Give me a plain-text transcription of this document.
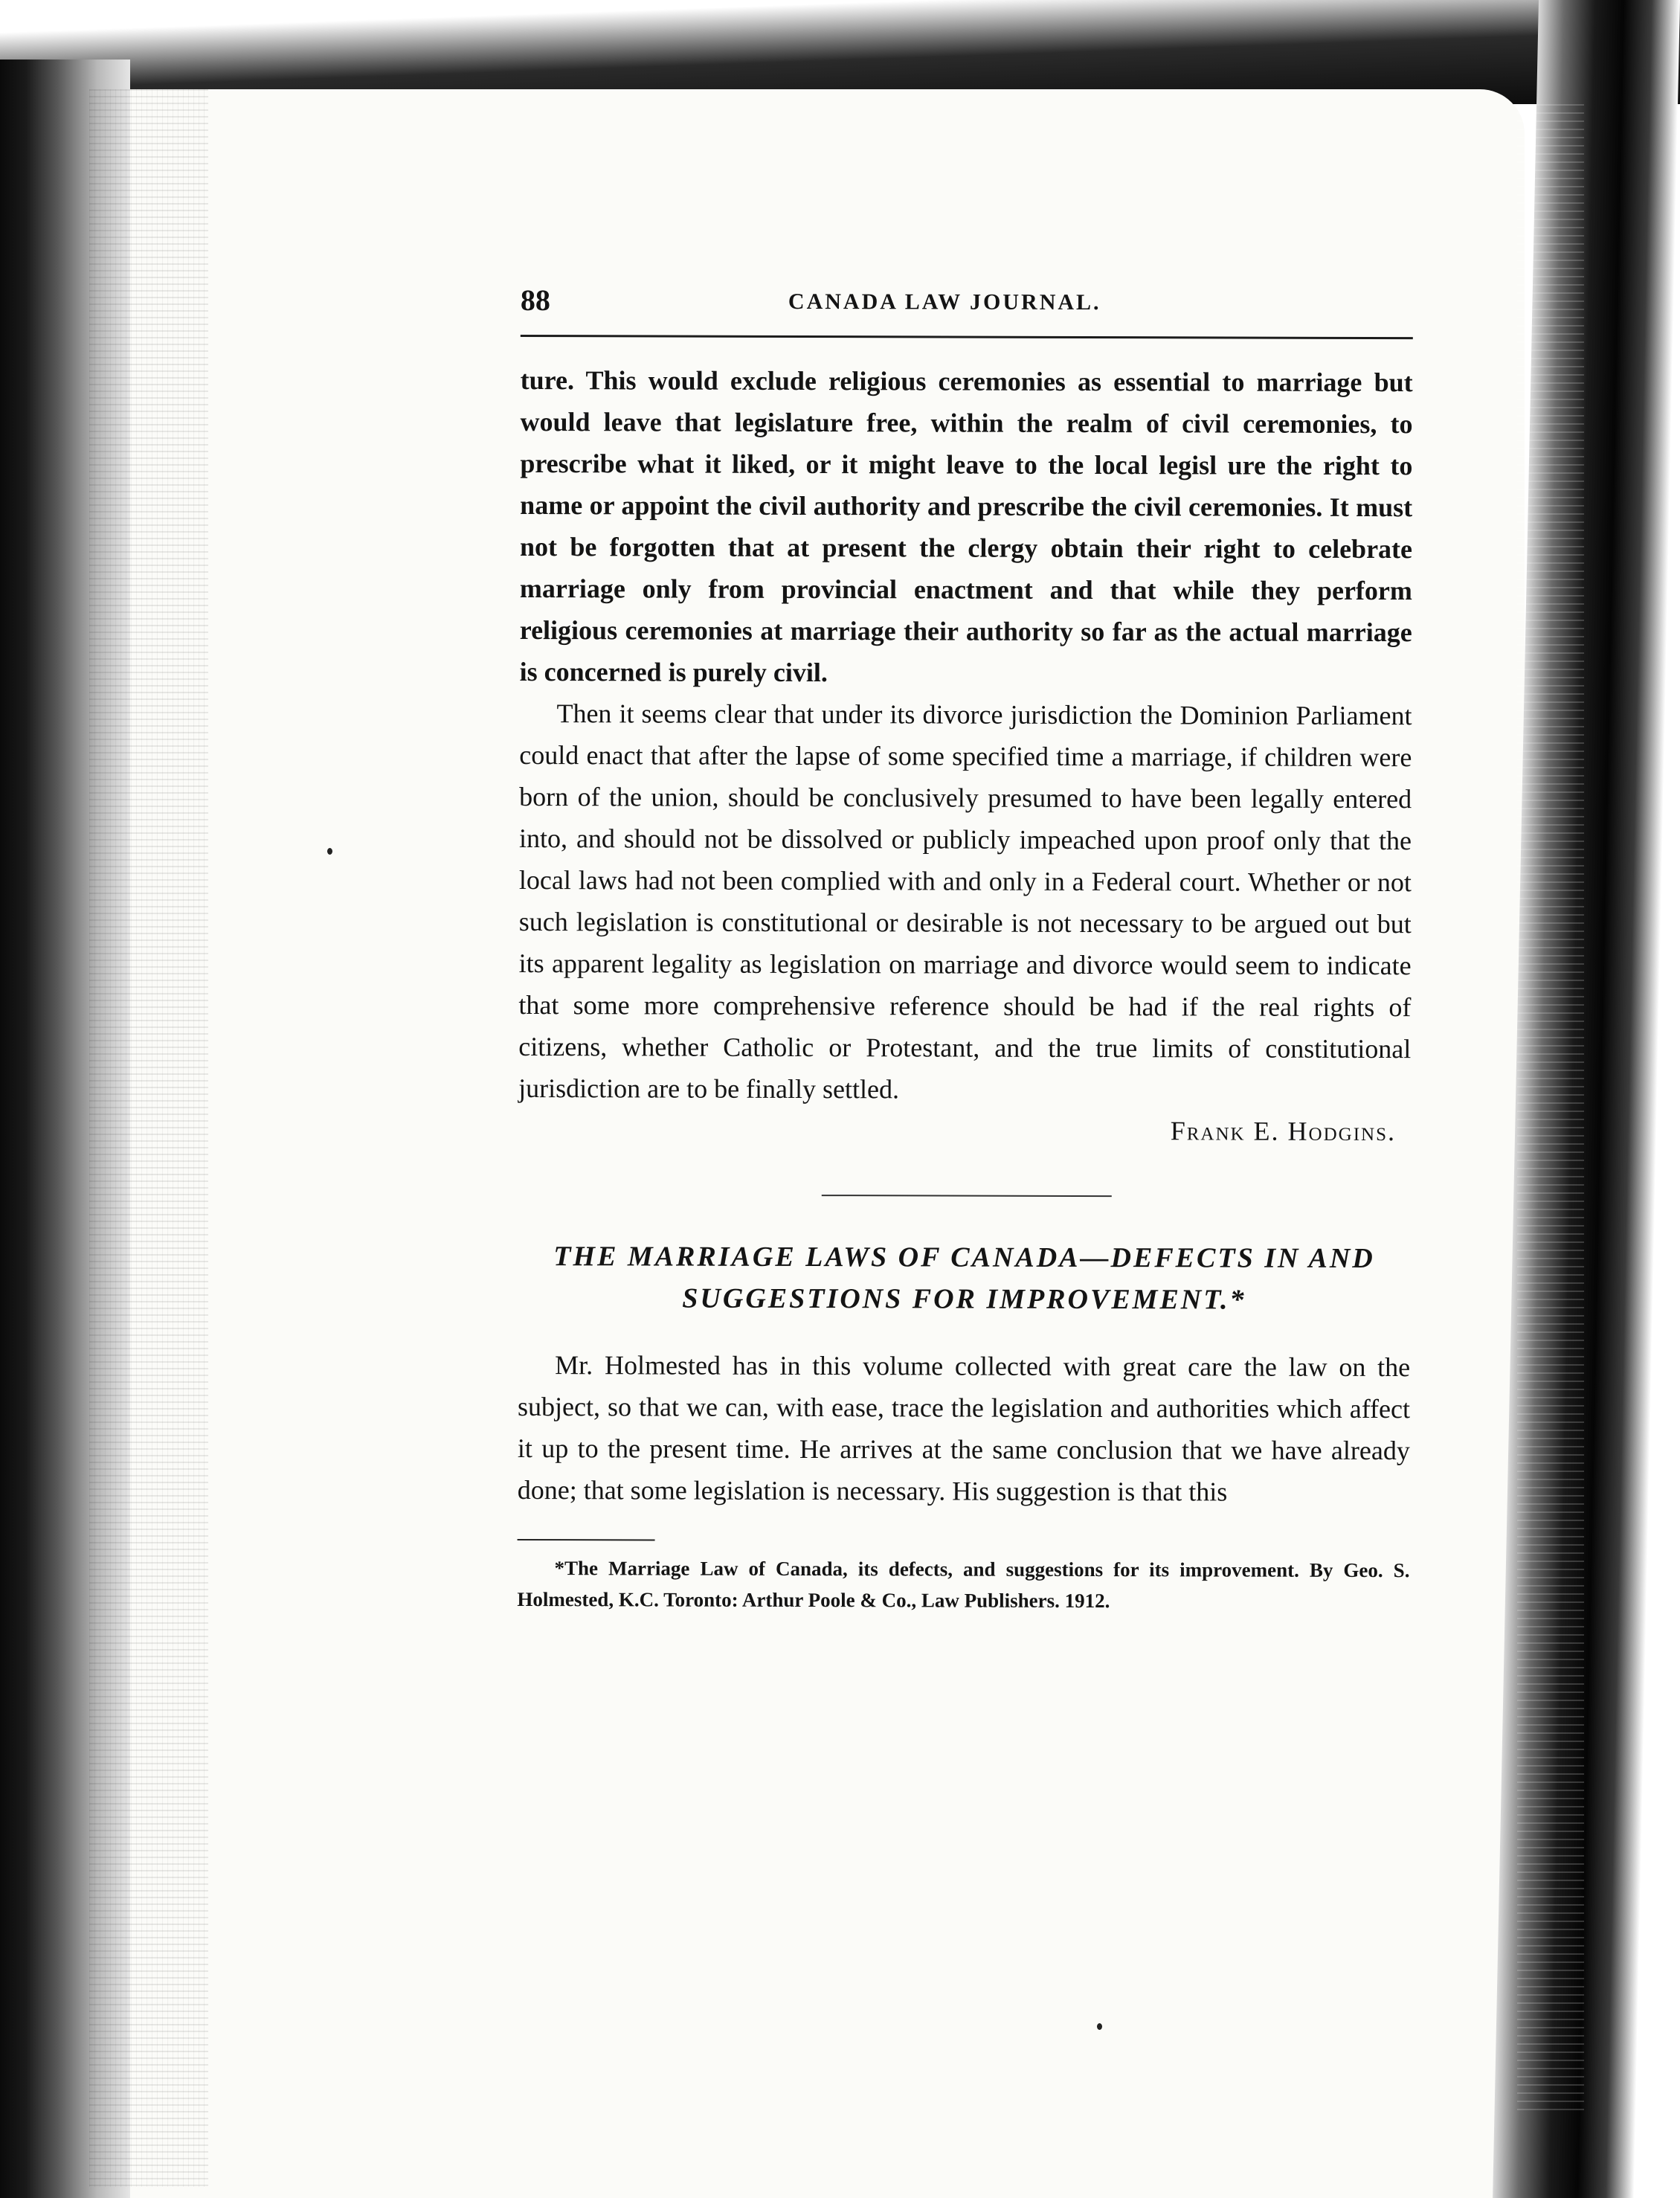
88	CANADA LAW JOURNAL.

ture. This would exclude religious ceremonies as essential to marriage but would leave that legislature free, within the realm of civil ceremonies, to prescribe what it liked, or it might leave to the local legisl ure the right to name or appoint the civil authority and prescribe the civil ceremonies. It must not be forgotten that at present the clergy obtain their right to celebrate marriage only from provincial enactment and that while they perform religious ceremonies at marriage their authority so far as the actual marriage is concerned is purely civil.

Then it seems clear that under its divorce jurisdiction the Dominion Parliament could enact that after the lapse of some specified time a marriage, if children were born of the union, should be conclusively presumed to have been legally entered into, and should not be dissolved or publicly impeached upon proof only that the local laws had not been complied with and only in a Federal court. Whether or not such legislation is constitutional or desirable is not necessary to be argued out but its apparent legality as legislation on marriage and divorce would seem to indicate that some more comprehensive reference should be had if the real rights of citizens, whether Catholic or Protestant, and the true limits of constitutional jurisdiction are to be finally settled.

Frank E. Hodgins.
THE MARRIAGE LAWS OF CANADA—DEFECTS IN AND SUGGESTIONS FOR IMPROVEMENT.*

Mr. Holmested has in this volume collected with great care the law on the subject, so that we can, with ease, trace the legislation and authorities which affect it up to the present time. He arrives at the same conclusion that we have already done; that some legislation is necessary. His suggestion is that this

*The Marriage Law of Canada, its defects, and suggestions for its improvement. By Geo. S. Holmested, K.C. Toronto: Arthur Poole & Co., Law Publishers. 1912.
